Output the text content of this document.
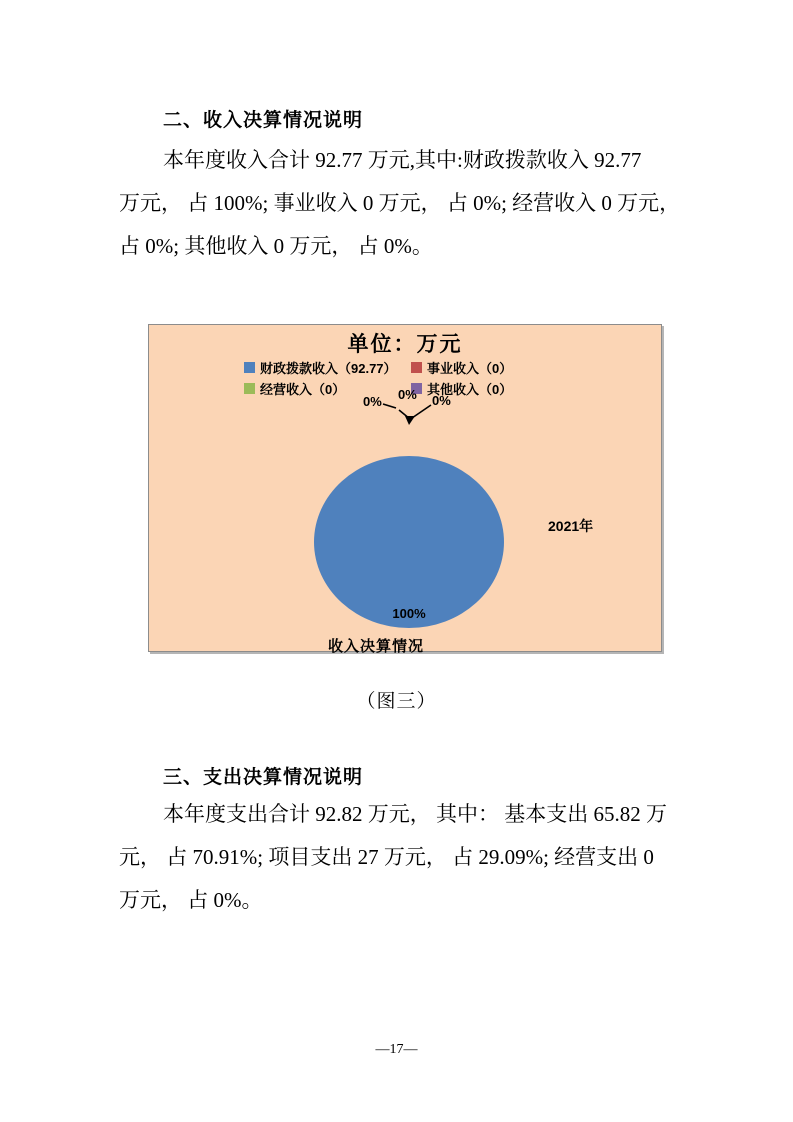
二、收入决算情况说明
本年度收入合计 92.77 万元,其中:财政拨款收入 92.77
万元， 占 100%; 事业收入 0 万元， 占 0%; 经营收入 0 万元，
占 0%; 其他收入 0 万元， 占 0%。
单位：万元
财政拨款收入（92.77） 事业收入（0）
经营收入（0）	其他收入（0）
0% 0% 0%
100%
2021年
收入决算情况
（图三）
三、支出决算情况说明
本年度支出合计 92.82 万元， 其中： 基本支出 65.82 万
元， 占 70.91%; 项目支出 27 万元， 占 29.09%; 经营支出 0
万元， 占 0%。
—17—
